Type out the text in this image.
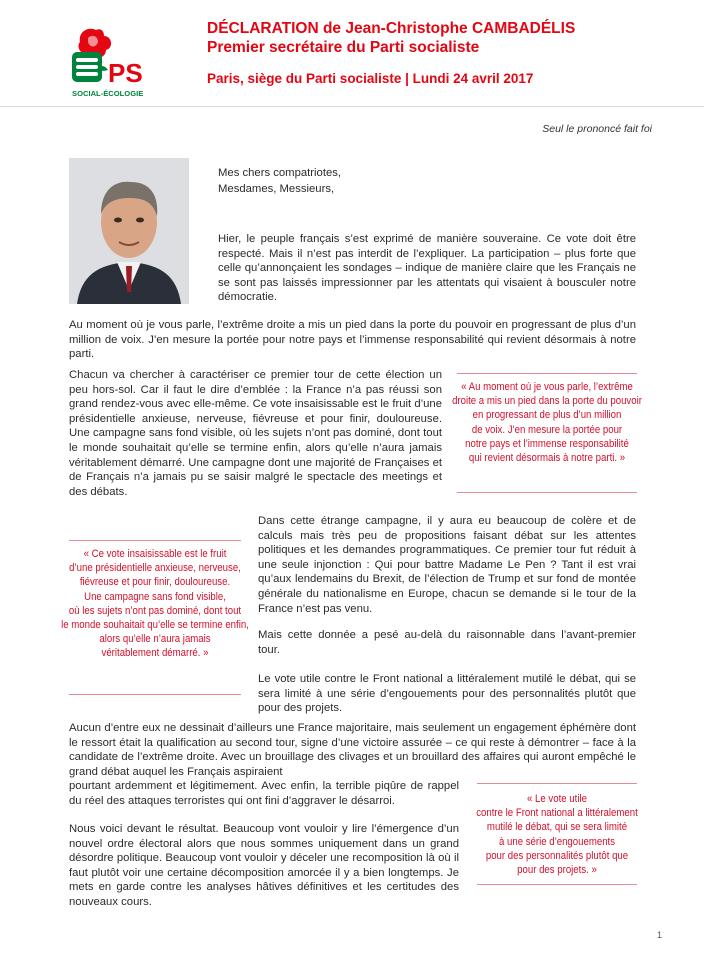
PS
SOCIAL-ÉCOLOGIE
DÉCLARATION de Jean-Christophe CAMBADÉLIS
Premier secrétaire du Parti socialiste
Paris, siège du Parti socialiste | Lundi 24 avril 2017
Seul le prononcé fait foi
Mes chers compatriotes,
Mesdames, Messieurs,

Hier, le peuple français s’est exprimé de manière souveraine. Ce vote doit être respecté. Mais il n’est pas interdit de l’expliquer. La participation – plus forte que celle qu’annonçaient les sondages – indique de manière claire que les Français ne se sont pas laissés impressionner par les attentats qui visaient à bousculer notre démocratie.

Au moment où je vous parle, l’extrême droite a mis un pied dans la porte du pouvoir en progressant de plus d’un million de voix. J’en mesure la portée pour notre pays et l’immense responsabilité qui revient désormais à notre parti.

Chacun va chercher à caractériser ce premier tour de cette élection un peu hors-sol. Car il faut le dire d’emblée : la France n’a pas réussi son grand rendez-vous avec elle-même. Ce vote insaisissable est le fruit d’une présidentielle anxieuse, nerveuse, fiévreuse et pour finir, douloureuse. Une campagne sans fond visible, où les sujets n’ont pas dominé, dont tout le monde souhaitait qu’elle se termine enfin, alors qu’elle n’aura jamais véritablement démarré. Une campagne dont une majorité de Françaises et de Français n’a jamais pu se saisir malgré le spectacle des meetings et des débats.

« Au moment où je vous parle, l’extrême
droite a mis un pied dans la porte du pouvoir
en progressant de plus d’un million
de voix. J’en mesure la portée pour
notre pays et l’immense responsabilité
qui revient désormais à notre parti. »

Dans cette étrange campagne, il y aura eu beaucoup de colère et de calculs mais très peu de propositions faisant débat sur les attentes politiques et les demandes programmatiques. Ce premier tour fut réduit à une seule injonction : Qui pour battre Madame Le Pen ? Tant il est vrai qu’aux lendemains du Brexit, de l’élection de Trump et sur fond de montée générale du nationalisme en Europe, chacun se demande si le tour de la France n’est pas venu.

« Ce vote insaisissable est le fruit
d’une présidentielle anxieuse, nerveuse,
fiévreuse et pour finir, douloureuse.
Une campagne sans fond visible,
où les sujets n’ont pas dominé, dont tout
le monde souhaitait qu’elle se termine enfin,
alors qu’elle n’aura jamais
véritablement démarré. »

Mais cette donnée a pesé au-delà du raisonnable dans l’avant-premier tour.

Le vote utile contre le Front national a littéralement mutilé le débat, qui se sera limité à une série d’engouements pour des personnalités plutôt que pour des projets.

Aucun d’entre eux ne dessinait d’ailleurs une France majoritaire, mais seulement un engagement éphémère dont le ressort était la qualification au second tour, signe d’une victoire assurée – ce qui reste à démontrer – face à la candidate de l’extrême droite. Avec un brouillage des clivages et un brouillard des affaires qui auront empêché le grand débat auquel les Français aspiraient

pourtant ardemment et légitimement. Avec enfin, la terrible piqûre de rappel du réel des attaques terroristes qui ont fini d’aggraver le désarroi.

Nous voici devant le résultat. Beaucoup vont vouloir y lire l’émergence d’un nouvel ordre électoral alors que nous sommes uniquement dans un grand désordre politique. Beaucoup vont vouloir y déceler une recomposition là où il faut plutôt voir une certaine décomposition amorcée il y a bien longtemps. Je mets en garde contre les analyses hâtives définitives et les certitudes des nouveaux cours.

« Le vote utile
contre le Front national a littéralement
mutilé le débat, qui se sera limité
à une série d’engouements
pour des personnalités plutôt que
pour des projets. »
1
